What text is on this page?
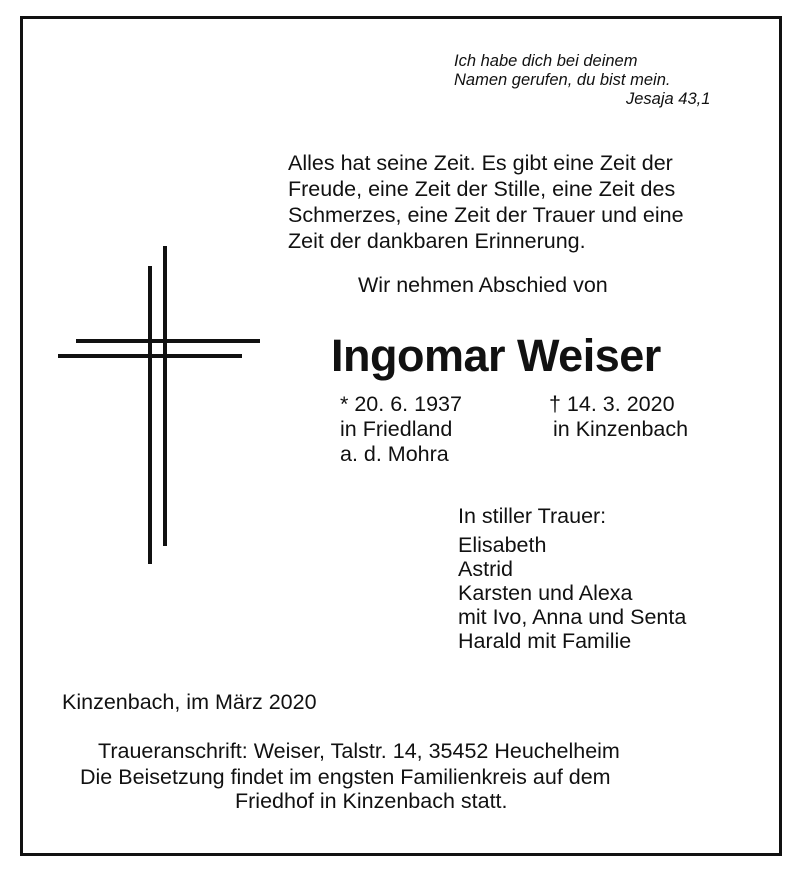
Ich habe dich bei deinem
Namen gerufen, du bist mein.
Jesaja 43,1
Alles hat seine Zeit. Es gibt eine Zeit der
Freude, eine Zeit der Stille, eine Zeit des
Schmerzes, eine Zeit der Trauer und eine
Zeit der dankbaren Erinnerung.
Wir nehmen Abschied von
Ingomar Weiser
* 20. 6. 1937
in Friedland
a. d. Mohra
† 14. 3. 2020
in Kinzenbach
In stiller Trauer:
Elisabeth
Astrid
Karsten und Alexa
mit Ivo, Anna und Senta
Harald mit Familie
Kinzenbach, im März 2020
Traueranschrift: Weiser, Talstr. 14, 35452 Heuchelheim
Die Beisetzung findet im engsten Familienkreis auf dem
Friedhof in Kinzenbach statt.
